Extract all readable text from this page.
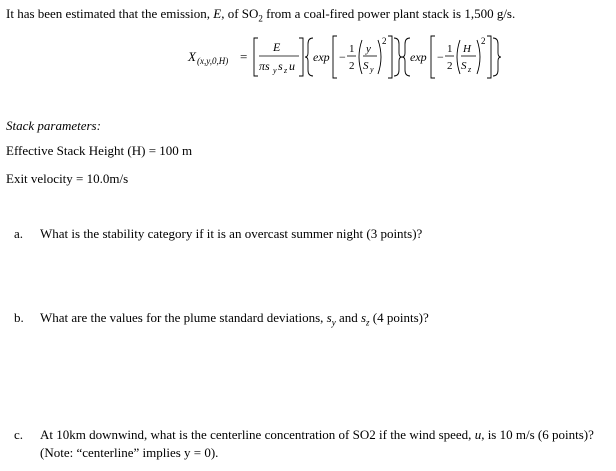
It has been estimated that the emission, E, of $SO_2$ from a coal-fired power plant stack is 1,500 g/s.
X (x,y,0,H) =
E
πs y s z u
exp −
1
2
y
S y
2
exp −
1
2
H
S z
2
Stack parameters:
Effective Stack Height (H) = 100 m
Exit velocity = 10.0m/s
a. What is the stability category if it is an overcast summer night (3 points)?
b. What are the values for the plume standard deviations, $s_y$ and $s_z$ (4 points)?
c. At 10km downwind, what is the centerline concentration of SO2 if the wind speed, u, is 10 m/s (6 points)?
(Note: “centerline” implies y = 0).
